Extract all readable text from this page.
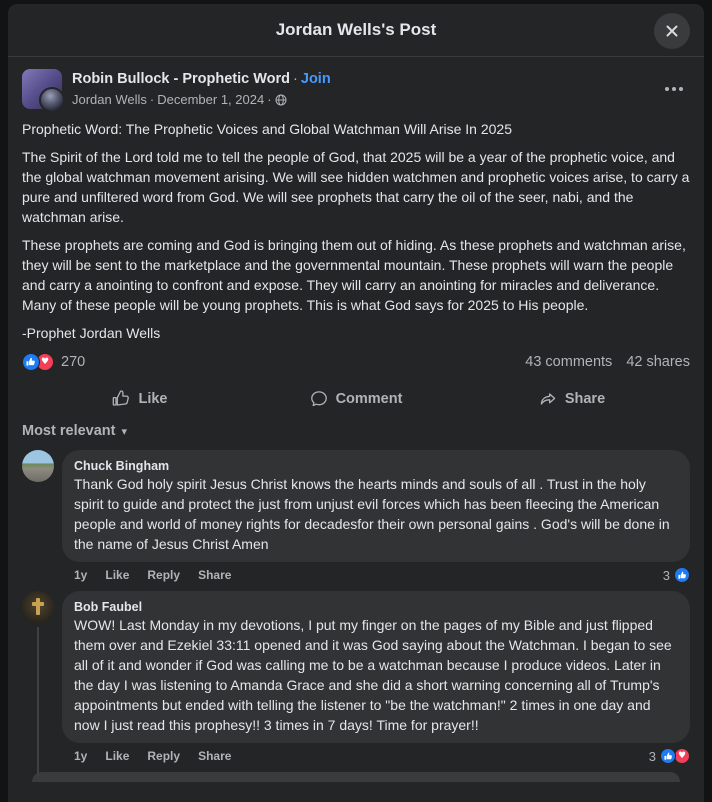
Jordan Wells's Post
Robin Bullock - Prophetic Word · Join
Jordan Wells · December 1, 2024 ·

Prophetic Word: The Prophetic Voices and Global Watchman Will Arise In 2025

The Spirit of the Lord told me to tell the people of God, that 2025 will be a year of the prophetic voice, and the global watchman movement arising. We will see hidden watchmen and prophetic voices arise, to carry a pure and unfiltered word from God. We will see prophets that carry the oil of the seer, nabi, and the watchman arise.

These prophets are coming and God is bringing them out of hiding. As these prophets and watchman arise, they will be sent to the marketplace and the governmental mountain. These prophets will warn the people and carry a anointing to confront and expose. They will carry an anointing for miracles and deliverance. Many of these people will be young prophets. This is what God says for 2025 to His people.

-Prophet Jordan Wells

♥ 270	43 comments 42 shares
Like	Comment	Share
Most relevant ▾
Chuck Bingham
Thank God holy spirit Jesus Christ knows the hearts minds and souls of all . Trust in the holy spirit to guide and protect the just from unjust evil forces which has been fleecing the American people and world of money rights for decadesfor their own personal gains . God's will be done in the name of Jesus Christ Amen
1y Like Reply Share	3
Bob Faubel
WOW! Last Monday in my devotions, I put my finger on the pages of my Bible and just flipped them over and Ezekiel 33:11 opened and it was God saying about the Watchman. I began to see all of it and wonder if God was calling me to be a watchman because I produce videos. Later in the day I was listening to Amanda Grace and she did a short warning concerning all of Trump's appointments but ended with telling the listener to "be the watchman!" 2 times in one day and now I just read this prophesy!! 3 times in 7 days! Time for prayer!!
1y Like Reply Share	3 ♥
